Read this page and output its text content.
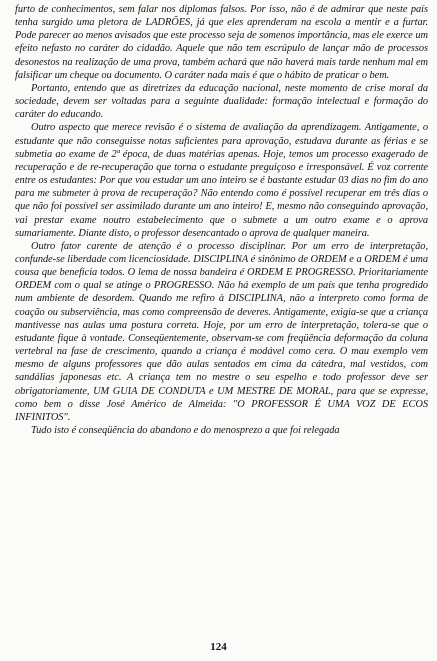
furto de conhecimentos, sem falar nos diplomas falsos. Por isso, não é de admirar que neste país tenha surgido uma pletora de LADRÕES, já que eles aprenderam na escola a mentir e a furtar. Pode parecer ao menos avisados que este processo seja de somenos importância, mas ele exerce um efeito nefasto no caráter do cidadão. Aquele que não tem escrúpulo de lançar mão de processos desonestos na realização de uma prova, também achará que não haverá mais tarde nenhum mal em falsificar um cheque ou documento. O caráter nada mais é que o hábito de praticar o bem.

Portanto, entendo que as diretrizes da educação nacional, neste momento de crise moral da sociedade, devem ser voltadas para a seguinte dualidade: formação intelectual e formação do caráter do educando.

Outro aspecto que merece revisão é o sistema de avaliação da aprendizagem. Antigamente, o estudante que não conseguisse notas suficientes para aprovação, estudava durante as férias e se submetia ao exame de 2ª época, de duas matérias apenas. Hoje, temos um processo exagerado de recuperação e de re-recuperação que torna o estudante preguiçoso e irresponsável. É voz corrente entre os estudantes: Por que vou estudar um ano inteiro se é bastante estudar 03 dias no fim do ano para me submeter à prova de recuperação? Não entendo como é possível recuperar em três dias o que não foi possível ser assimilado durante um ano inteiro! E, mesmo não conseguindo aprovação, vai prestar exame noutro estabelecimento que o submete a um outro exame e o aprova sumariamente. Diante disto, o professor desencantado o aprova de qualquer maneira.

Outro fator carente de atenção é o processo disciplinar. Por um erro de interpretação, confunde-se liberdade com licenciosidade. DISCIPLINA é sinônimo de ORDEM e a ORDEM é uma cousa que beneficia todos. O lema de nossa bandeira é ORDEM E PROGRESSO. Prioritariamente ORDEM com o qual se atinge o PROGRESSO. Não há exemplo de um país que tenha progredido num ambiente de desordem. Quando me refiro à DISCIPLINA, não a interpreto como forma de coação ou subserviência, mas como compreensão de deveres. Antigamente, exigia-se que a criança mantivesse nas aulas uma postura correta. Hoje, por um erro de interpretação, tolera-se que o estudante fique à vontade. Conseqüentemente, observam-se com freqüência deformação da coluna vertebral na fase de crescimento, quando a criança é modável como cera. O mau exemplo vem mesmo de alguns professores que dão aulas sentados em cima da cátedra, mal vestidos, com sandálias japonesas etc. A criança tem no mestre o seu espelho e todo professor deve ser obrigatoriamente, UM GUIA DE CONDUTA e UM MESTRE DE MORAL, para que se expresse, como bem o disse José Américo de Almeida: "O PROFESSOR É UMA VOZ DE ECOS INFINITOS".

Tudo isto é conseqüência do abandono e do menosprezo a que foi relegada

124
